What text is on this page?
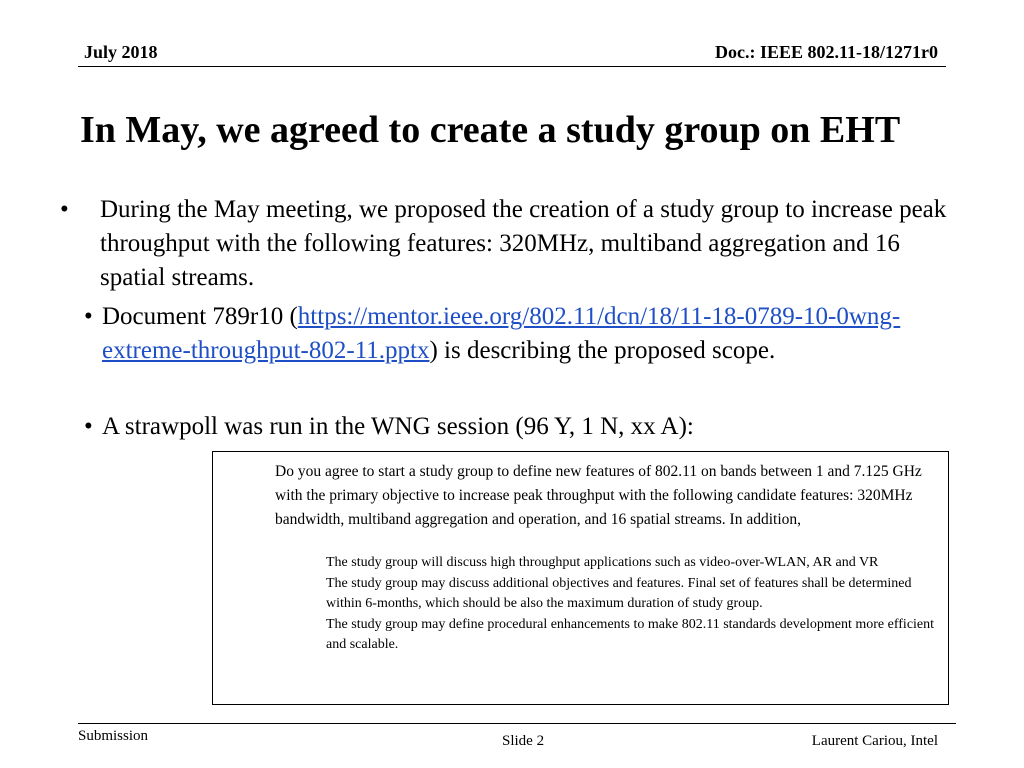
July 2018	Doc.: IEEE 802.11-18/1271r0
In May, we agreed to create a study group on EHT
• During the May meeting, we proposed the creation of a study group to increase peak throughput with the following features: 320MHz, multiband aggregation and 16 spatial streams.
• Document 789r10 (https://mentor.ieee.org/802.11/dcn/18/11-18-0789-10-0wng-extreme-throughput-802-11.pptx) is describing the proposed scope.
• A strawpoll was run in the WNG session (96 Y, 1 N, xx A):
Do you agree to start a study group to define new features of 802.11 on bands between 1 and 7.125 GHz with the primary objective to increase peak throughput with the following candidate features: 320MHz bandwidth, multiband aggregation and operation, and 16 spatial streams. In addition,
The study group will discuss high throughput applications such as video-over-WLAN, AR and VR
The study group may discuss additional objectives and features. Final set of features shall be determined within 6-months, which should be also the maximum duration of study group.
The study group may define procedural enhancements to make 802.11 standards development more efficient and scalable.
Submission	Slide 2	Laurent Cariou, Intel
